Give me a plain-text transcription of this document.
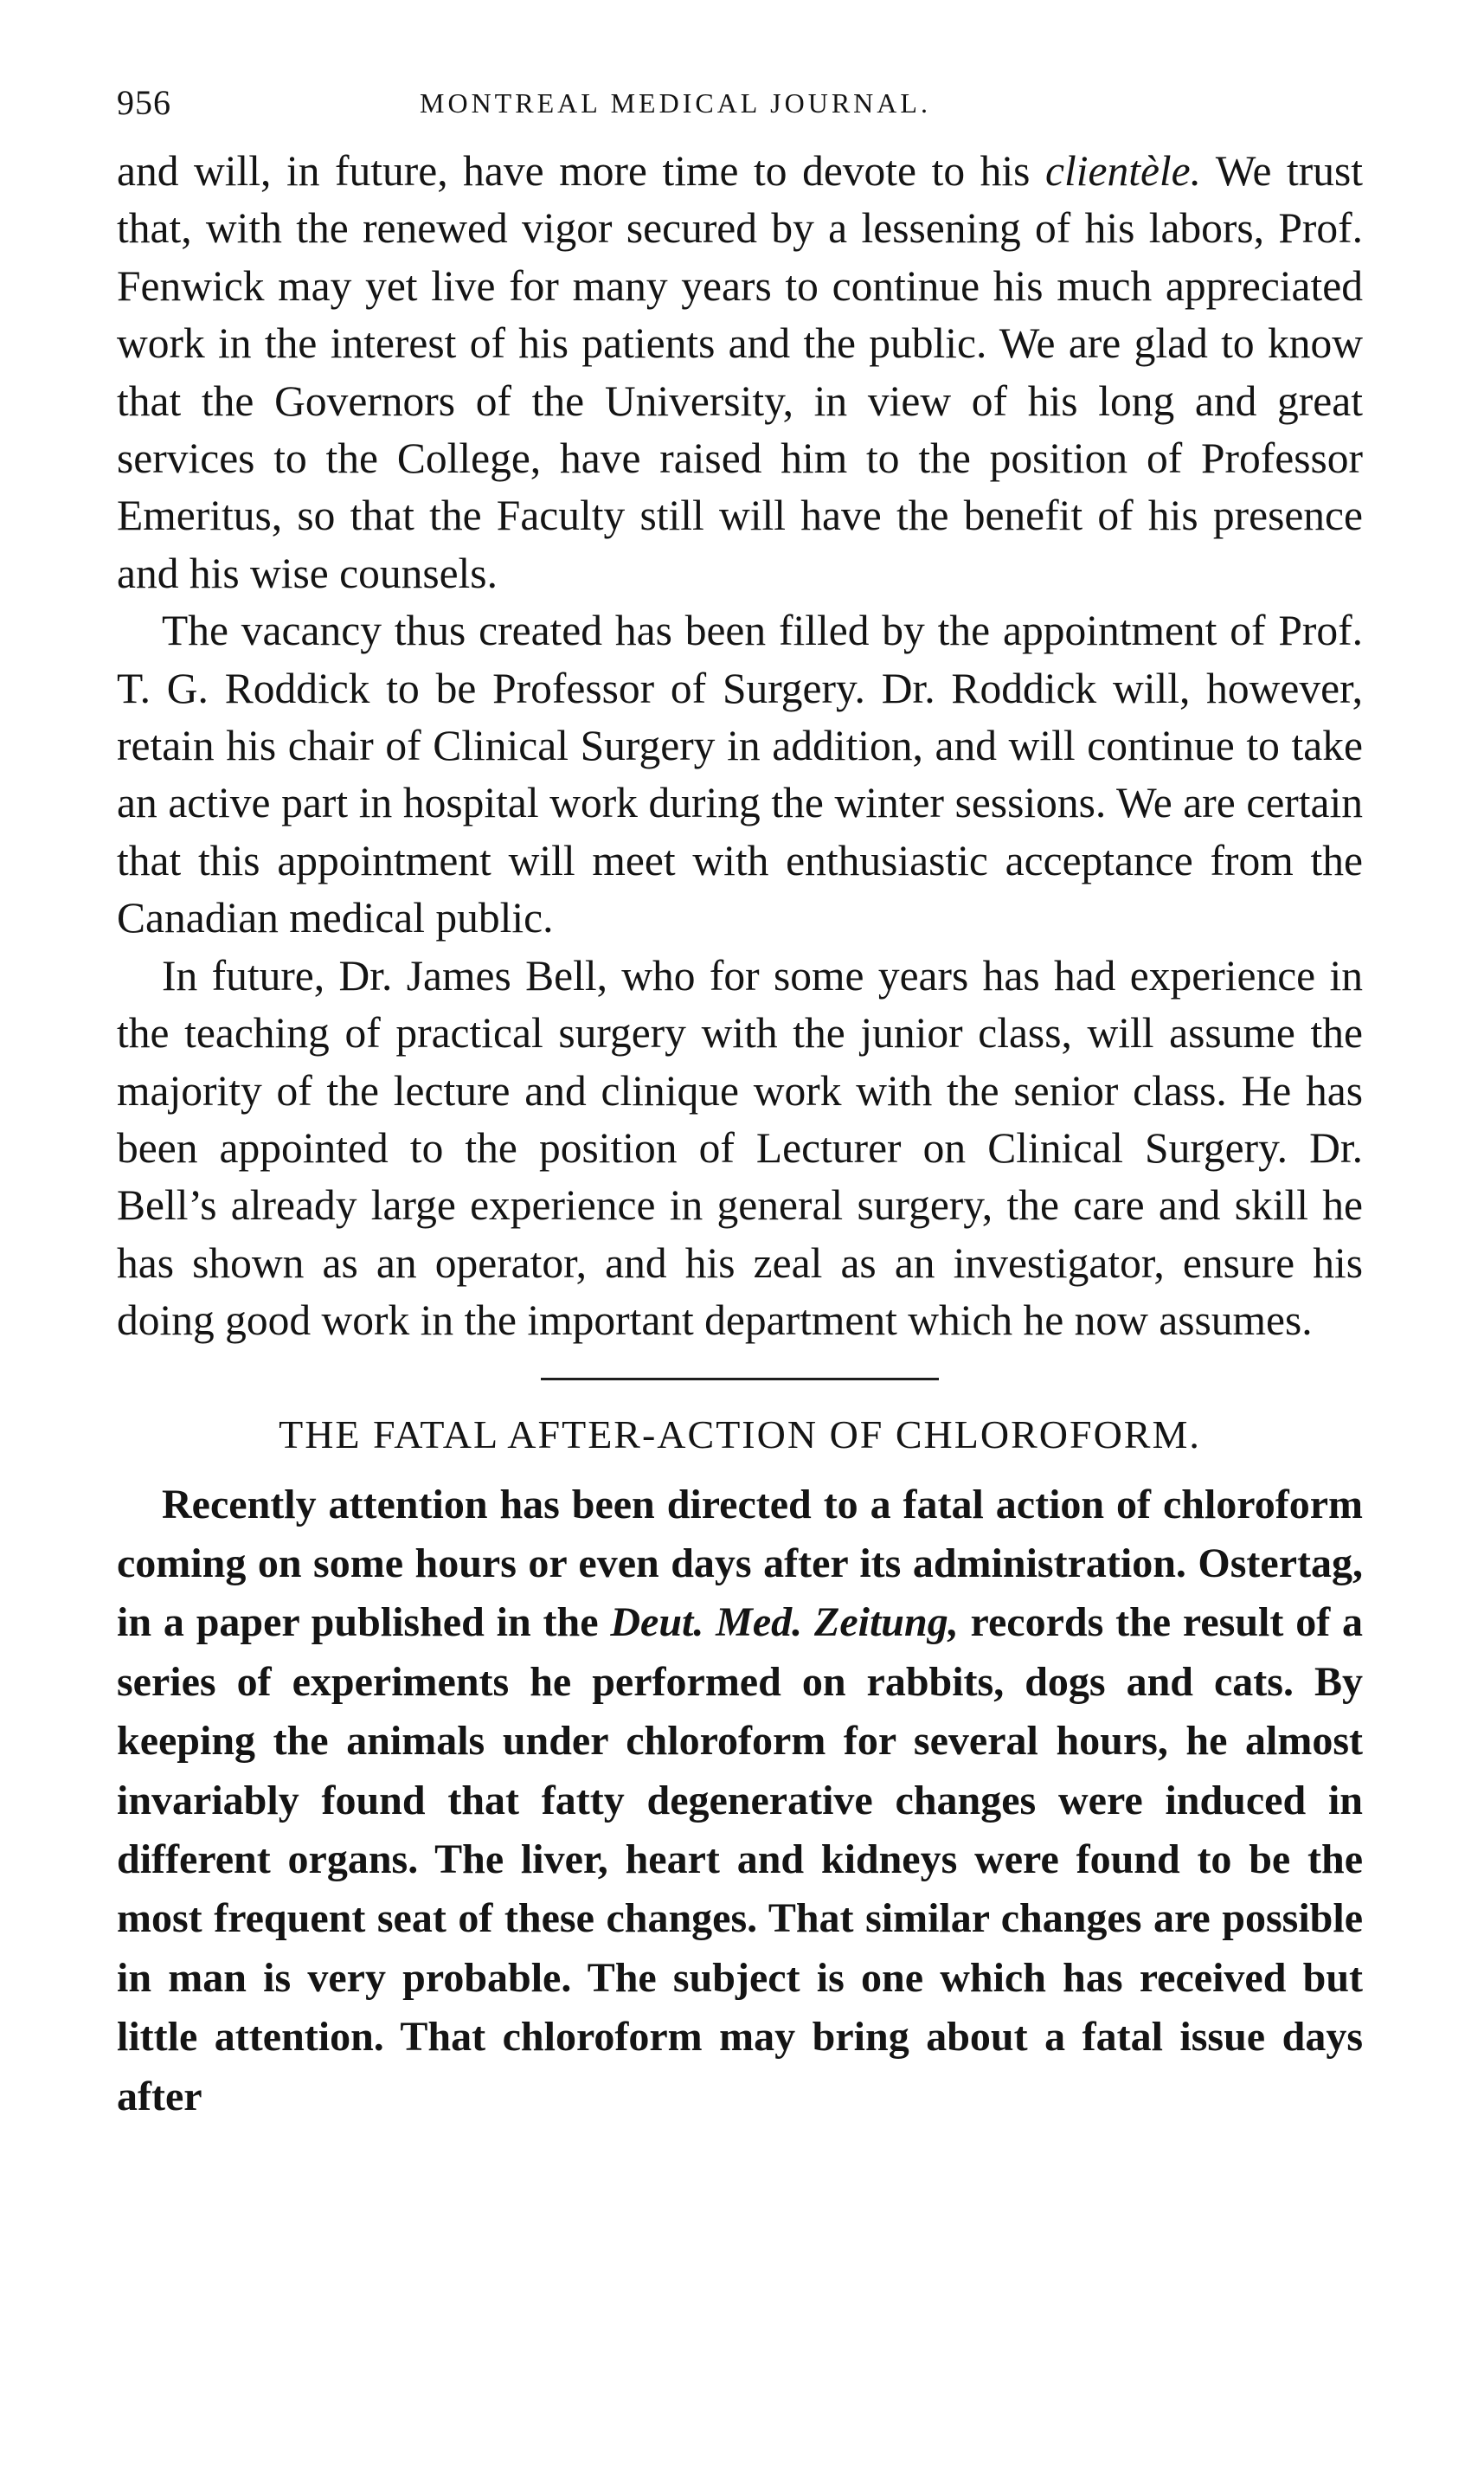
956	MONTREAL MEDICAL JOURNAL.

and will, in future, have more time to devote to his clientèle. We trust that, with the renewed vigor secured by a lessening of his labors, Prof. Fenwick may yet live for many years to continue his much appreciated work in the interest of his patients and the public. We are glad to know that the Governors of the University, in view of his long and great services to the College, have raised him to the position of Professor Emeritus, so that the Faculty still will have the benefit of his presence and his wise counsels.

The vacancy thus created has been filled by the appointment of Prof. T. G. Roddick to be Professor of Surgery. Dr. Roddick will, however, retain his chair of Clinical Surgery in addition, and will continue to take an active part in hospital work during the winter sessions. We are certain that this appointment will meet with enthusiastic acceptance from the Canadian medical public.

In future, Dr. James Bell, who for some years has had experience in the teaching of practical surgery with the junior class, will assume the majority of the lecture and clinique work with the senior class. He has been appointed to the position of Lecturer on Clinical Surgery. Dr. Bell’s already large experience in general surgery, the care and skill he has shown as an operator, and his zeal as an investigator, ensure his doing good work in the important department which he now assumes.

THE FATAL AFTER-ACTION OF CHLOROFORM.

Recently attention has been directed to a fatal action of chloroform coming on some hours or even days after its administration. Ostertag, in a paper published in the Deut. Med. Zeitung, records the result of a series of experiments he performed on rabbits, dogs and cats. By keeping the animals under chloroform for several hours, he almost invariably found that fatty degenerative changes were induced in different organs. The liver, heart and kidneys were found to be the most frequent seat of these changes. That similar changes are possible in man is very probable. The subject is one which has received but little attention. That chloroform may bring about a fatal issue days after
